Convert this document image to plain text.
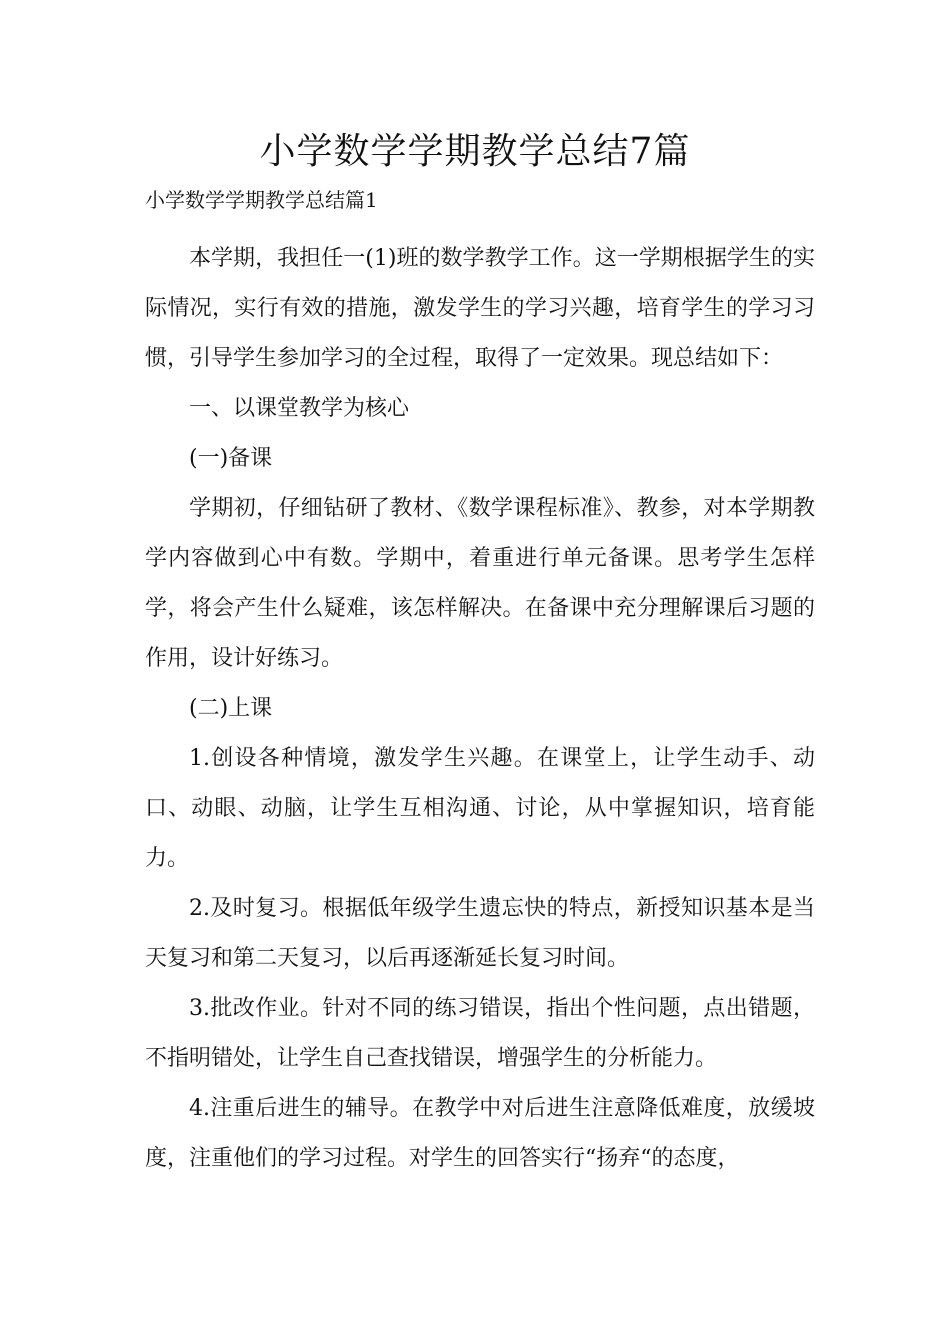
小学数学学期教学总结7篇
小学数学学期教学总结篇1

本学期，我担任一(1)班的数学教学工作。这一学期根据学生的实际情况，实行有效的措施，激发学生的学习兴趣，培育学生的学习习惯，引导学生参加学习的全过程，取得了一定效果。现总结如下：

一、以课堂教学为核心

(一)备课

学期初，仔细钻研了教材、《数学课程标准》、教参，对本学期教学内容做到心中有数。学期中，着重进行单元备课。思考学生怎样学，将会产生什么疑难，该怎样解决。在备课中充分理解课后习题的作用，设计好练习。

(二)上课

1.创设各种情境，激发学生兴趣。在课堂上，让学生动手、动口、动眼、动脑，让学生互相沟通、讨论，从中掌握知识，培育能力。

2.及时复习。根据低年级学生遗忘快的特点，新授知识基本是当天复习和第二天复习，以后再逐渐延长复习时间。

3.批改作业。针对不同的练习错误，指出个性问题，点出错题，不指明错处，让学生自己查找错误，增强学生的分析能力。

4.注重后进生的辅导。在教学中对后进生注意降低难度，放缓坡度，注重他们的学习过程。对学生的回答实行“扬弃“的态度，
